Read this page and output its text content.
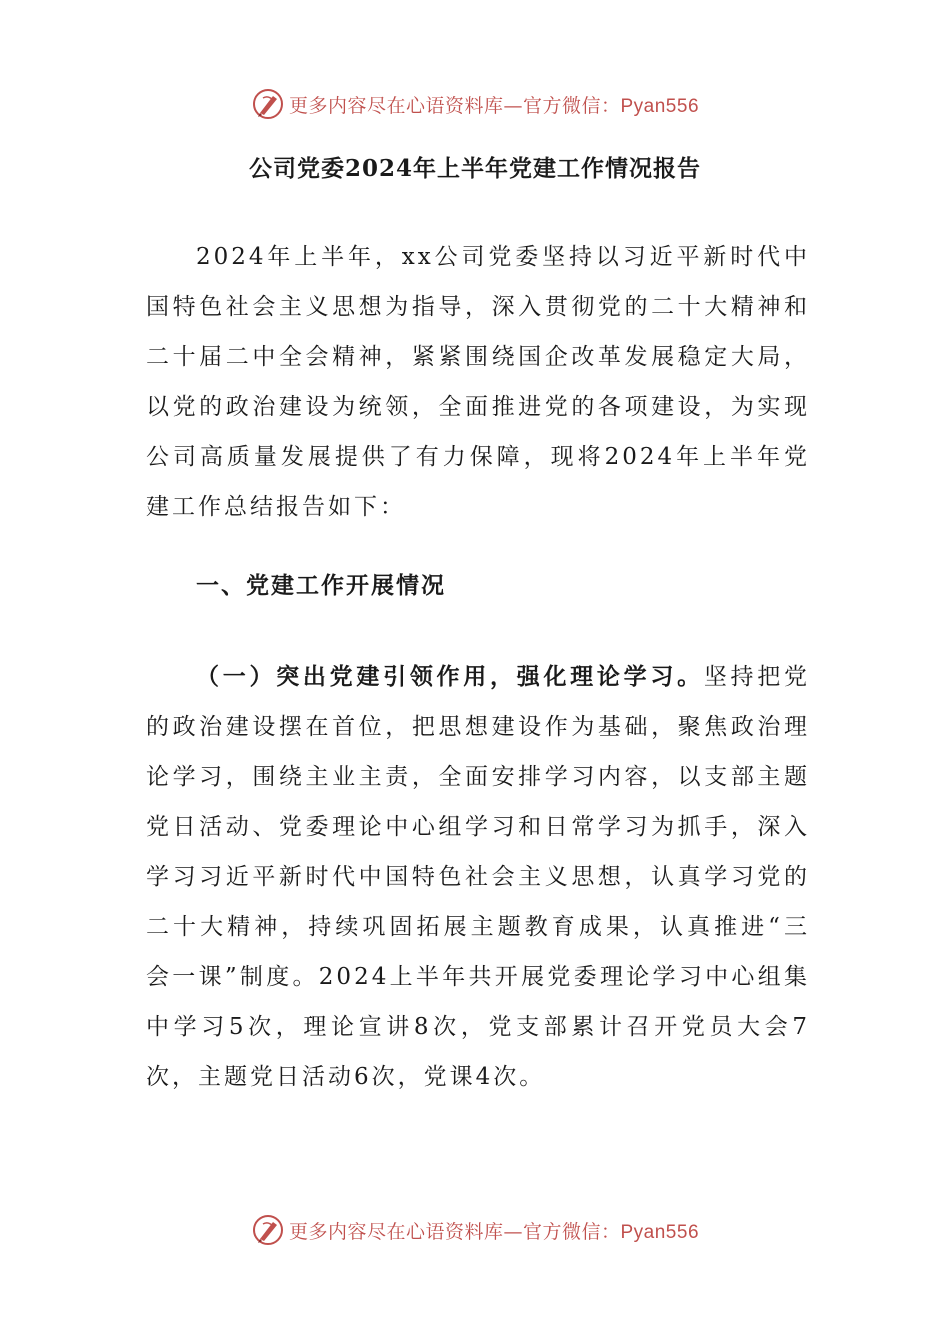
更多内容尽在心语资料库—官方微信：Pyan556
公司党委2024年上半年党建工作情况报告

2024年上半年，xx公司党委坚持以习近平新时代中国特色社会主义思想为指导，深入贯彻党的二十大精神和二十届二中全会精神，紧紧围绕国企改革发展稳定大局，以党的政治建设为统领，全面推进党的各项建设，为实现公司高质量发展提供了有力保障，现将2024年上半年党建工作总结报告如下：

一、党建工作开展情况

（一）突出党建引领作用，强化理论学习。坚持把党的政治建设摆在首位，把思想建设作为基础，聚焦政治理论学习，围绕主业主责，全面安排学习内容，以支部主题党日活动、党委理论中心组学习和日常学习为抓手，深入学习习近平新时代中国特色社会主义思想，认真学习党的二十大精神，持续巩固拓展主题教育成果，认真推进“三会一课”制度。2024上半年共开展党委理论学习中心组集中学习5次，理论宣讲8次，党支部累计召开党员大会7次，主题党日活动6次，党课4次。

更多内容尽在心语资料库—官方微信：Pyan556
